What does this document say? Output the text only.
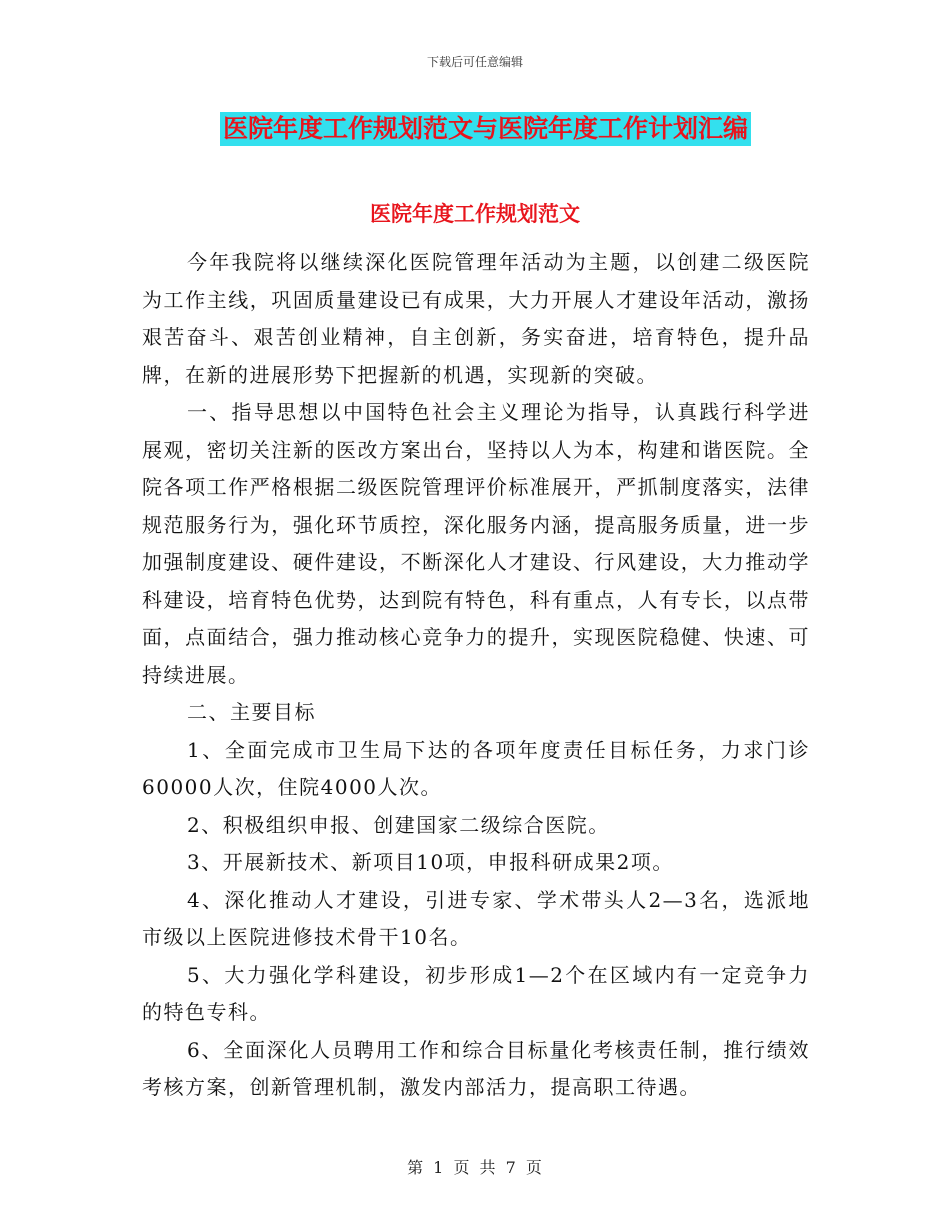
下载后可任意编辑
医院年度工作规划范文与医院年度工作计划汇编
医院年度工作规划范文

今年我院将以继续深化医院管理年活动为主题，以创建二级医院为工作主线，巩固质量建设已有成果，大力开展人才建设年活动，激扬艰苦奋斗、艰苦创业精神，自主创新，务实奋进，培育特色，提升品牌，在新的进展形势下把握新的机遇，实现新的突破。

一、指导思想以中国特色社会主义理论为指导，认真践行科学进展观，密切关注新的医改方案出台，坚持以人为本，构建和谐医院。全院各项工作严格根据二级医院管理评价标准展开，严抓制度落实，法律规范服务行为，强化环节质控，深化服务内涵，提高服务质量，进一步加强制度建设、硬件建设，不断深化人才建设、行风建设，大力推动学科建设，培育特色优势，达到院有特色，科有重点，人有专长，以点带面，点面结合，强力推动核心竞争力的提升，实现医院稳健、快速、可持续进展。

二、主要目标

1、全面完成市卫生局下达的各项年度责任目标任务，力求门诊60000人次，住院4000人次。

2、积极组织申报、创建国家二级综合医院。

3、开展新技术、新项目10项，申报科研成果2项。

4、深化推动人才建设，引进专家、学术带头人2—3名，选派地市级以上医院进修技术骨干10名。

5、大力强化学科建设，初步形成1—2个在区域内有一定竞争力的特色专科。

6、全面深化人员聘用工作和综合目标量化考核责任制，推行绩效考核方案，创新管理机制，激发内部活力，提高职工待遇。

第 1 页 共 7 页
